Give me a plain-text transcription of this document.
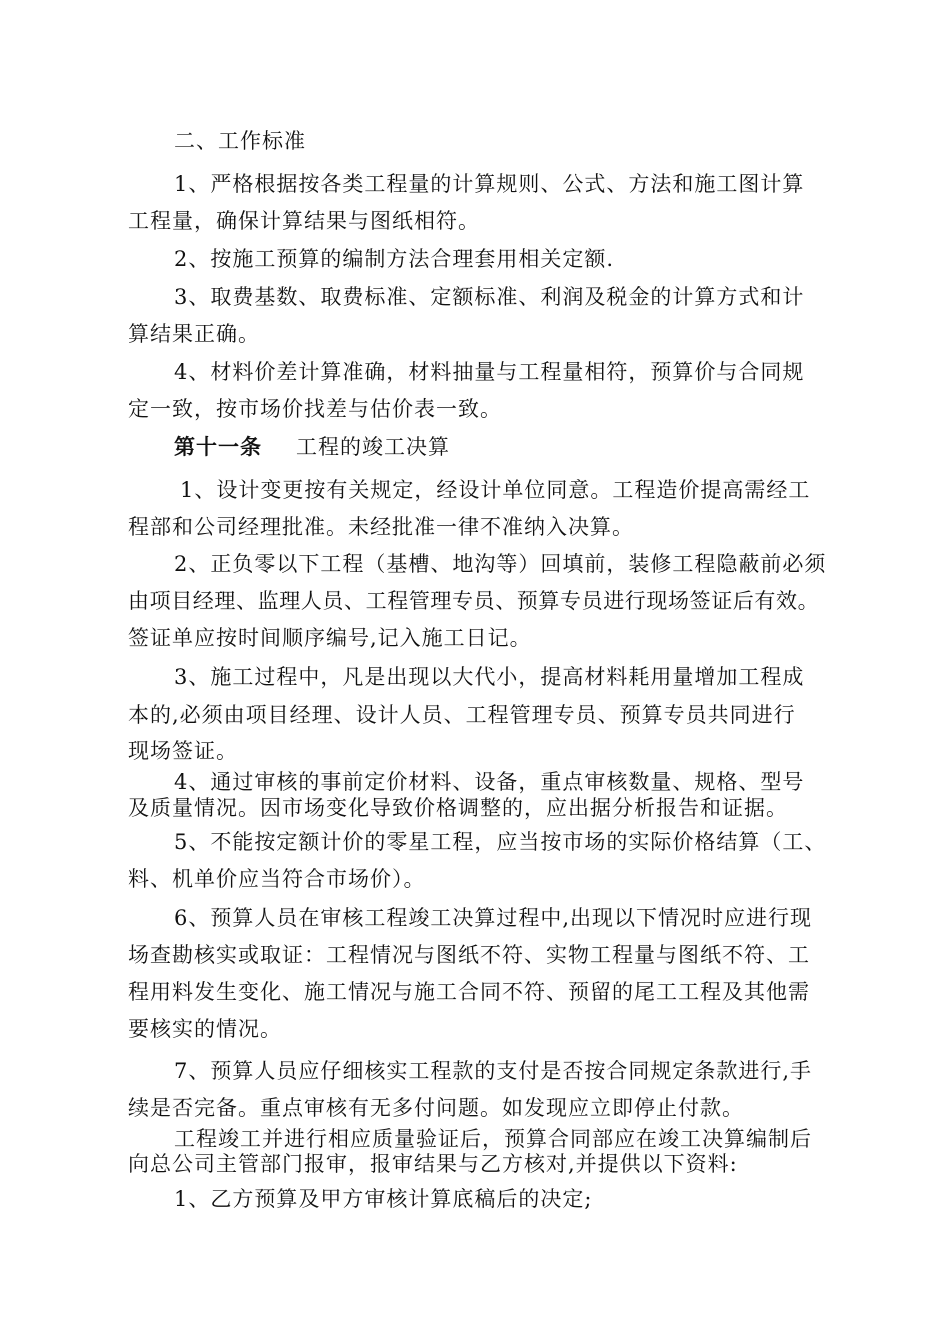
二、工作标准
1、严格根据按各类工程量的计算规则、公式、方法和施工图计算
工程量，确保计算结果与图纸相符。
2、按施工预算的编制方法合理套用相关定额.
3、取费基数、取费标准、定额标准、利润及税金的计算方式和计
算结果正确。
4、材料价差计算准确，材料抽量与工程量相符，预算价与合同规
定一致，按市场价找差与估价表一致。
第十一条 工程的竣工决算
1、设计变更按有关规定，经设计单位同意。工程造价提高需经工
程部和公司经理批准。未经批准一律不准纳入决算。
2、正负零以下工程（基槽、地沟等）回填前，装修工程隐蔽前必须
由项目经理、监理人员、工程管理专员、预算专员进行现场签证后有效。
签证单应按时间顺序编号,记入施工日记。
3、施工过程中，凡是出现以大代小，提高材料耗用量增加工程成
本的,必须由项目经理、设计人员、工程管理专员、预算专员共同进行
现场签证。
4、通过审核的事前定价材料、设备，重点审核数量、规格、型号
及质量情况。因市场变化导致价格调整的，应出据分析报告和证据。
5、不能按定额计价的零星工程，应当按市场的实际价格结算（工、
料、机单价应当符合市场价）。
6、预算人员在审核工程竣工决算过程中,出现以下情况时应进行现
场查勘核实或取证：工程情况与图纸不符、实物工程量与图纸不符、工
程用料发生变化、施工情况与施工合同不符、预留的尾工工程及其他需
要核实的情况。
7、预算人员应仔细核实工程款的支付是否按合同规定条款进行,手
续是否完备。重点审核有无多付问题。如发现应立即停止付款。
工程竣工并进行相应质量验证后，预算合同部应在竣工决算编制后
向总公司主管部门报审，报审结果与乙方核对,并提供以下资料:
1、乙方预算及甲方审核计算底稿后的决定;
